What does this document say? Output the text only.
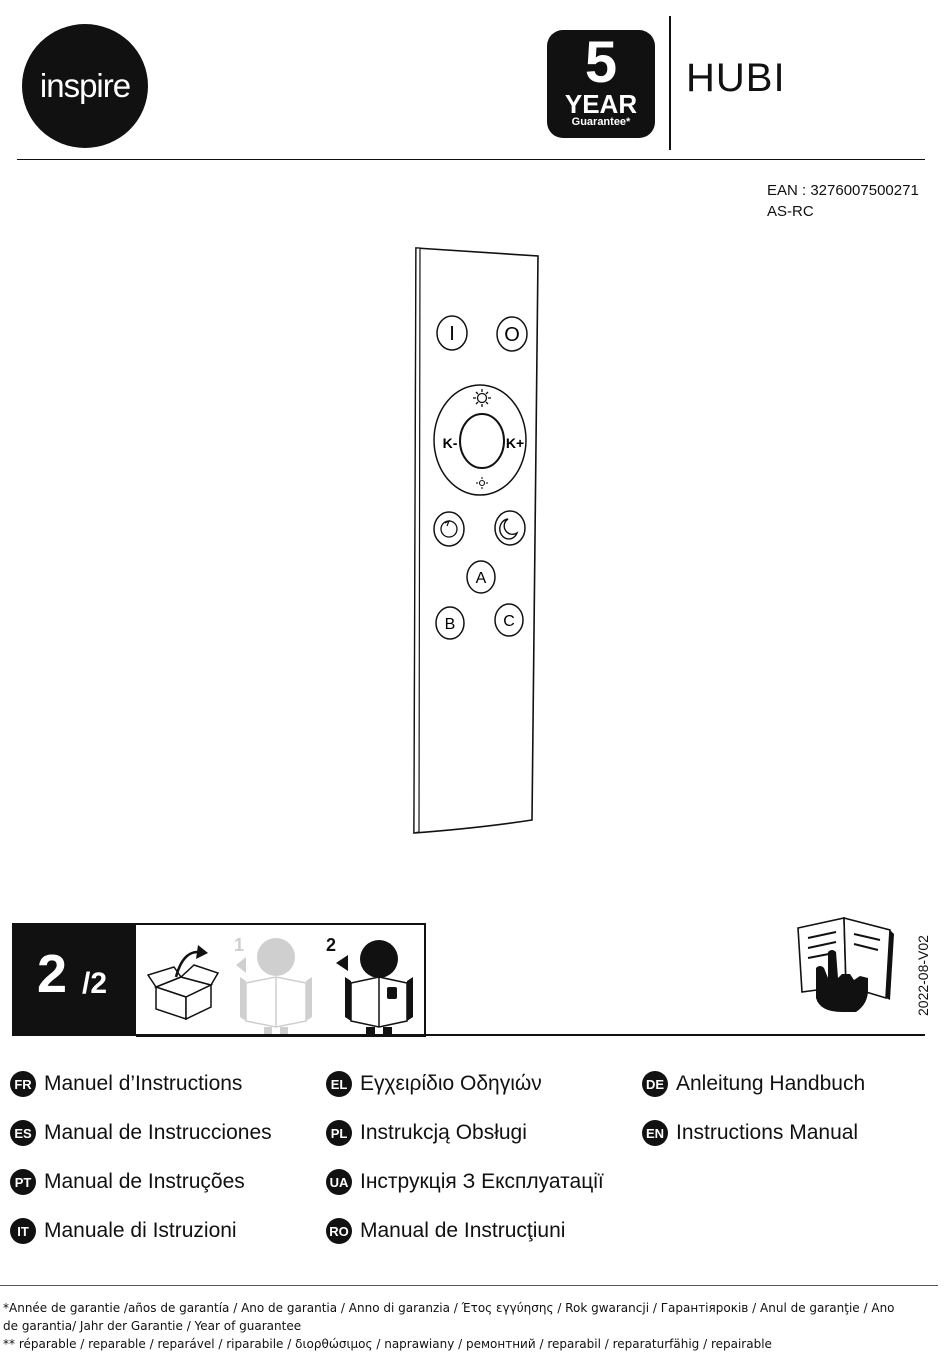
inspire	5
YEAR
Guarantee*
HUBI
EAN : 3276007500271
AS-RC
I O
K-	K+
A
B	C
2 /2
1	2	2022-08-V02
FR Manuel d’Instructions
ES Manual de Instrucciones
PT Manual de Instruções
IT Manuale di Istruzioni
EL Εγχειρίδιο Οδηγιών
PL Instrukcją Obsługi
UA Інструкція З Експлуатації
RO Manual de Instrucţiuni
DE Anleitung Handbuch
EN Instructions Manual
*Année de garantie /años de garantía / Ano de garantia / Anno di garanzia / Έτος εγγύησης / Rok gwarancji / Гарантiярокiв / Anul de garanţie / Ano
de garantia/ Jahr der Garantie / Year of guarantee
** réparable / reparable / reparável / riparabile / διορθώσιμος / naprawiany / ремонтний / reparabil / reparaturfähig / repairable
